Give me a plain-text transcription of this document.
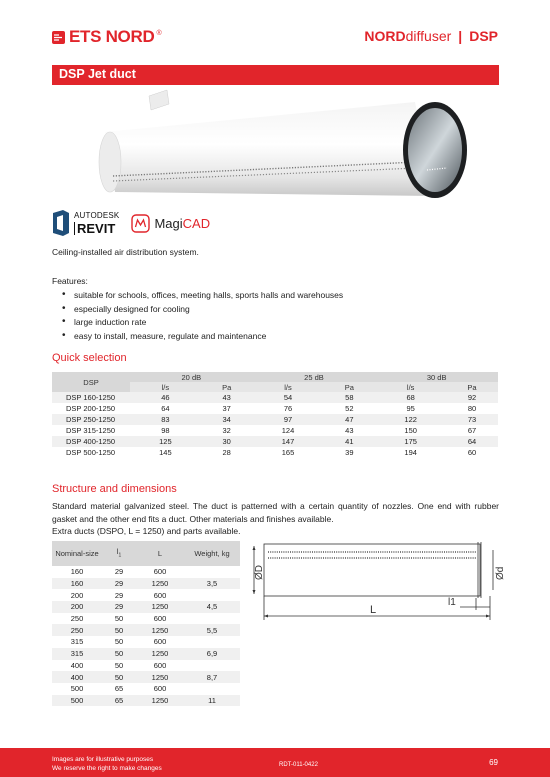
ETS NORD ®	NORD diffuser | DSP
DSP Jet duct
AUTODESK
REVIT	MagiCAD
Ceiling-installed air distribution system.
Features:
• suitable for schools, offices, meeting halls, sports halls and warehouses
• especially designed for cooling
• large induction rate
• easy to install, measure, regulate and maintenance
Quick selection
DSP	20 dB		25 dB		30 dB	
	l/s	Pa	l/s	Pa	l/s	Pa
DSP 160-1250	46	43	54	58	68	92
DSP 200-1250	64	37	76	52	95	80
DSP 250-1250	83	34	97	47	122	73
DSP 315-1250	98	32	124	43	150	67
DSP 400-1250	125	30	147	41	175	64
DSP 500-1250	145	28	165	39	194	60
Structure and dimensions
Standard material galvanized steel. The duct is patterned with a certain quantity of nozzles. One end with rubber gasket and the other end fits a duct. Other materials and finishes available.
Extra ducts (DSPO, L = 1250) and parts available.
Nominal-size	$l_1$	L	Weight, kg
160	29	600	
160	29	1250	3,5
200	29	600	
200	29	1250	4,5
250	50	600	
250	50	1250	5,5
315	50	600	
315	50	1250	6,9
400	50	600	
400	50	1250	8,7
500	65	600	
500	65	1250	11
ØD	Ød
l1
L
Images are for illustrative purposes
We reserve the right to make changes	RDT-011-0422	69
